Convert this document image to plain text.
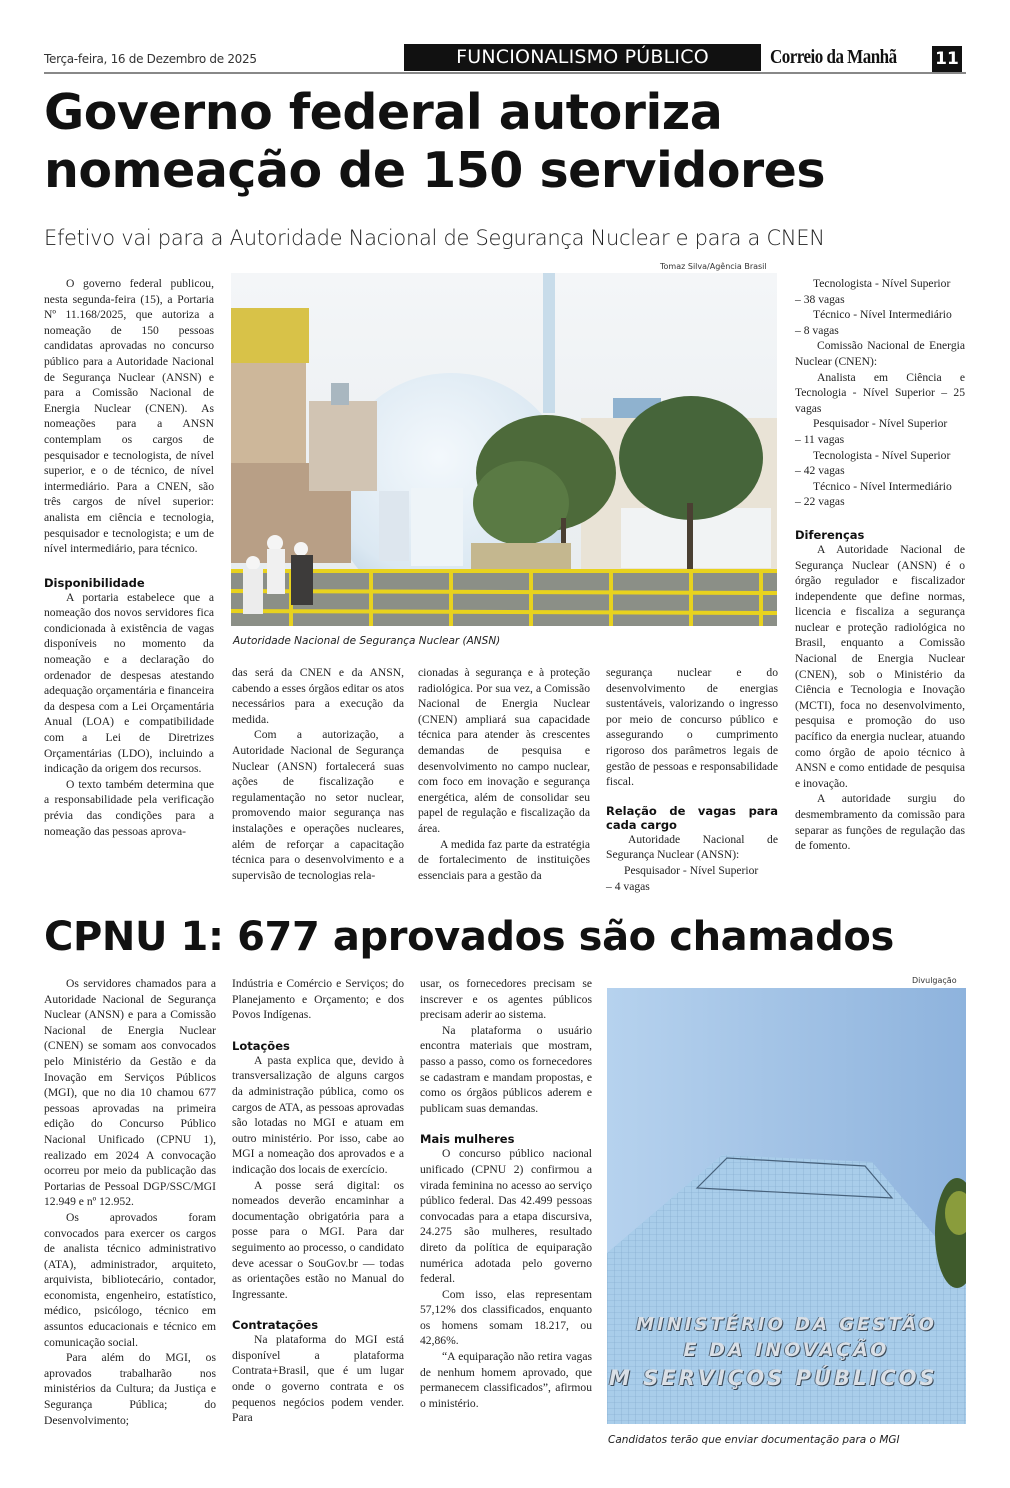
Terça-feira, 16 de Dezembro de 2025	FUNCIONALISMO PÚBLICO	Correio da Manhã 11
Governo federal autoriza
nomeação de 150 servidores
Efetivo vai para a Autoridade Nacional de Segurança Nuclear e para a CNEN

O governo federal publicou, nesta segunda-feira (15), a Portaria Nº 11.168/2025, que autoriza a nomeação de 150 pessoas candidatas aprovadas no concurso público para a Autoridade Nacional de Segurança Nuclear (ANSN) e para a Comissão Nacional de Energia Nuclear (CNEN). As nomeações para a ANSN contemplam os cargos de pesquisador e tecnologista, de nível superior, e o de técnico, de nível intermediário. Para a CNEN, são três cargos de nível superior: analista em ciência e tecnologia, pesquisador e tecnologista; e um de nível intermediário, para técnico.

Disponibilidade

A portaria estabelece que a nomeação dos novos servidores fica condicionada à existência de vagas disponíveis no momento da nomeação e a declaração do ordenador de despesas atestando adequação orçamentária e financeira da despesa com a Lei Orçamentária Anual (LOA) e compatibilidade com a Lei de Diretrizes Orçamentárias (LDO), incluindo a indicação da origem dos recursos.

O texto também determina que a responsabilidade pela verificação prévia das condições para a nomeação das pessoas aprova-

Tomaz Silva/Agência Brasil
Autoridade Nacional de Segurança Nuclear (ANSN)

das será da CNEN e da ANSN, cabendo a esses órgãos editar os atos necessários para a execução da medida.

Com a autorização, a Autoridade Nacional de Segurança Nuclear (ANSN) fortalecerá suas ações de fiscalização e regulamentação no setor nuclear, promovendo maior segurança nas instalações e operações nucleares, além de reforçar a capacitação técnica para o desenvolvimento e a supervisão de tecnologias rela-

cionadas à segurança e à proteção radiológica. Por sua vez, a Comissão Nacional de Energia Nuclear (CNEN) ampliará sua capacidade técnica para atender às crescentes demandas de pesquisa e desenvolvimento no campo nuclear, com foco em inovação e segurança energética, além de consolidar seu papel de regulação e fiscalização da área.

A medida faz parte da estratégia de fortalecimento de instituições essenciais para a gestão da

segurança nuclear e do desenvolvimento de energias sustentáveis, valorizando o ingresso por meio de concurso público e assegurando o cumprimento rigoroso dos parâmetros legais de gestão de pessoas e responsabilidade fiscal.

Relação de vagas para cada cargo

Autoridade Nacional de Segurança Nuclear (ANSN):

Pesquisador - Nível Superior
– 4 vagas
Tecnologista - Nível Superior
– 38 vagas
Técnico - Nível Intermediário
– 8 vagas

Comissão Nacional de Energia Nuclear (CNEN):

Analista em Ciência e Tecnologia - Nível Superior – 25 vagas

Pesquisador - Nível Superior
– 11 vagas
Tecnologista - Nível Superior
– 42 vagas
Técnico - Nível Intermediário
– 22 vagas
Diferenças

A Autoridade Nacional de Segurança Nuclear (ANSN) é o órgão regulador e fiscalizador independente que define normas, licencia e fiscaliza a segurança nuclear e proteção radiológica no Brasil, enquanto a Comissão Nacional de Energia Nuclear (CNEN), sob o Ministério da Ciência e Tecnologia e Inovação (MCTI), foca no desenvolvimento, pesquisa e promoção do uso pacífico da energia nuclear, atuando como órgão de apoio técnico à ANSN e como entidade de pesquisa e inovação.

A autoridade surgiu do desmembramento da comissão para separar as funções de regulação das de fomento.

CPNU 1: 677 aprovados são chamados

Os servidores chamados para a Autoridade Nacional de Segurança Nuclear (ANSN) e para a Comissão Nacional de Energia Nuclear (CNEN) se somam aos convocados pelo Ministério da Gestão e da Inovação em Serviços Públicos (MGI), que no dia 10 chamou 677 pessoas aprovadas na primeira edição do Concurso Público Nacional Unificado (CPNU 1), realizado em 2024 A convocação ocorreu por meio da publicação das Portarias de Pessoal DGP/SSC/MGI 12.949 e nº 12.952.

Os aprovados foram convocados para exercer os cargos de analista técnico administrativo (ATA), administrador, arquiteto, arquivista, bibliotecário, contador, economista, engenheiro, estatístico, médico, psicólogo, técnico em assuntos educacionais e técnico em comunicação social.

Para além do MGI, os aprovados trabalharão nos ministérios da Cultura; da Justiça e Segurança Pública; do Desenvolvimento;

Indústria e Comércio e Serviços; do Planejamento e Orçamento; e dos Povos Indígenas.

Lotações

A pasta explica que, devido à transversalização de alguns cargos da administração pública, como os cargos de ATA, as pessoas aprovadas são lotadas no MGI e atuam em outro ministério. Por isso, cabe ao MGI a nomeação dos aprovados e a indicação dos locais de exercício.

A posse será digital: os nomeados deverão encaminhar a documentação obrigatória para a posse para o MGI. Para dar seguimento ao processo, o candidato deve acessar o SouGov.br — todas as orientações estão no Manual do Ingressante.

Contratações

Na plataforma do MGI está disponível a plataforma Contrata+Brasil, que é um lugar onde o governo contrata e os pequenos negócios podem vender. Para

usar, os fornecedores precisam se inscrever e os agentes públicos precisam aderir ao sistema.

Na plataforma o usuário encontra materiais que mostram, passo a passo, como os fornecedores se cadastram e mandam propostas, e como os órgãos públicos aderem e publicam suas demandas.

Mais mulheres

O concurso público nacional unificado (CPNU 2) confirmou a virada feminina no acesso ao serviço público federal. Das 42.499 pessoas convocadas para a etapa discursiva, 24.275 são mulheres, resultado direto da política de equiparação numérica adotada pelo governo federal.

Com isso, elas representam 57,12% dos classificados, enquanto os homens somam 18.217, ou 42,86%.

“A equiparação não retira vagas de nenhum homem aprovado, que permanecem classificados”, afirmou o ministério.

Divulgação
MINISTÉRIO DA GESTÃO
E DA INOVAÇÃO
M SERVIÇOS PÚBLICOS
Candidatos terão que enviar documentação para o MGI
